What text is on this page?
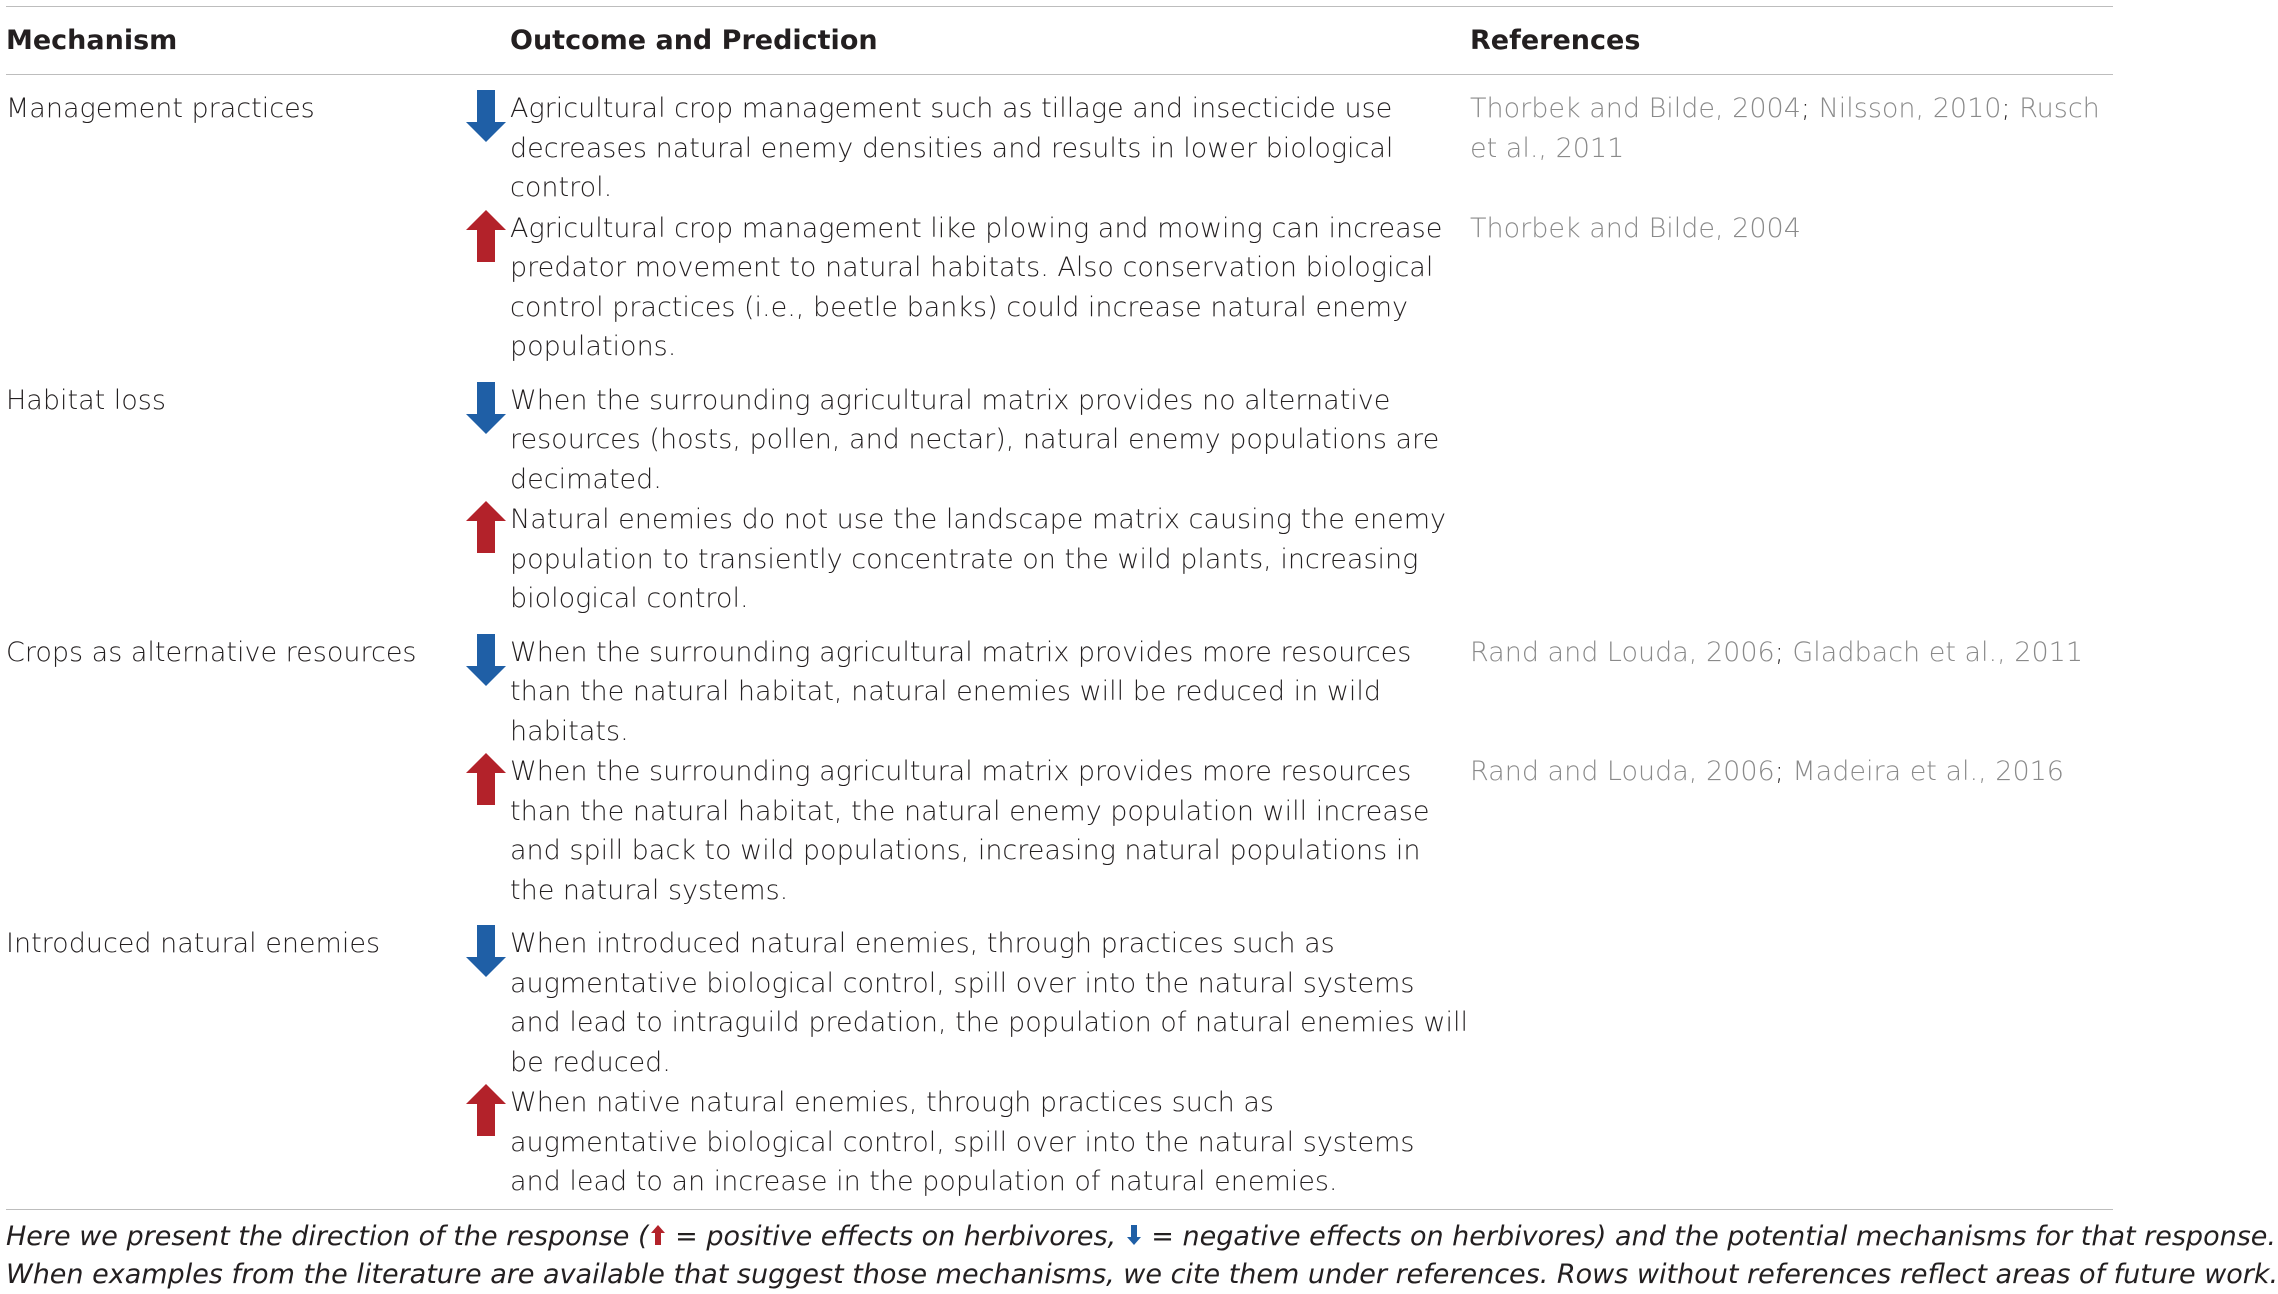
Mechanism		Outcome and Prediction	References
Management practices		Agricultural crop management such as tillage and insecticide use decreases natural enemy densities and results in lower biological control.	Thorbek and Bilde, 2004; Nilsson, 2010; Rusch et al., 2011

	Agricultural crop management like plowing and mowing can increase predator movement to natural habitats. Also conservation biological control practices (i.e., beetle banks) could increase natural enemy populations.	Thorbek and Bilde, 2004
Habitat loss		When the surrounding agricultural matrix provides no alternative resources (hosts, pollen, and nectar), natural enemy populations are decimated.	

	Natural enemies do not use the landscape matrix causing the enemy population to transiently concentrate on the wild plants, increasing biological control.	
Crops as alternative resources		When the surrounding agricultural matrix provides more resources than the natural habitat, natural enemies will be reduced in wild habitats.	Rand and Louda, 2006; Gladbach et al., 2011

	When the surrounding agricultural matrix provides more resources than the natural habitat, the natural enemy population will increase and spill back to wild populations, increasing natural populations in the natural systems.	Rand and Louda, 2006; Madeira et al., 2016
Introduced natural enemies		When introduced natural enemies, through practices such as augmentative biological control, spill over into the natural systems and lead to intraguild predation, the population of natural enemies will be reduced.	

	When native natural enemies, through practices such as augmentative biological control, spill over into the natural systems and lead to an increase in the population of natural enemies.	
Here we present the direction of the response ( = positive effects on herbivores,  = negative effects on herbivores) and the potential mechanisms for that response.
When examples from the literature are available that suggest those mechanisms, we cite them under references. Rows without references reflect areas of future work.			
